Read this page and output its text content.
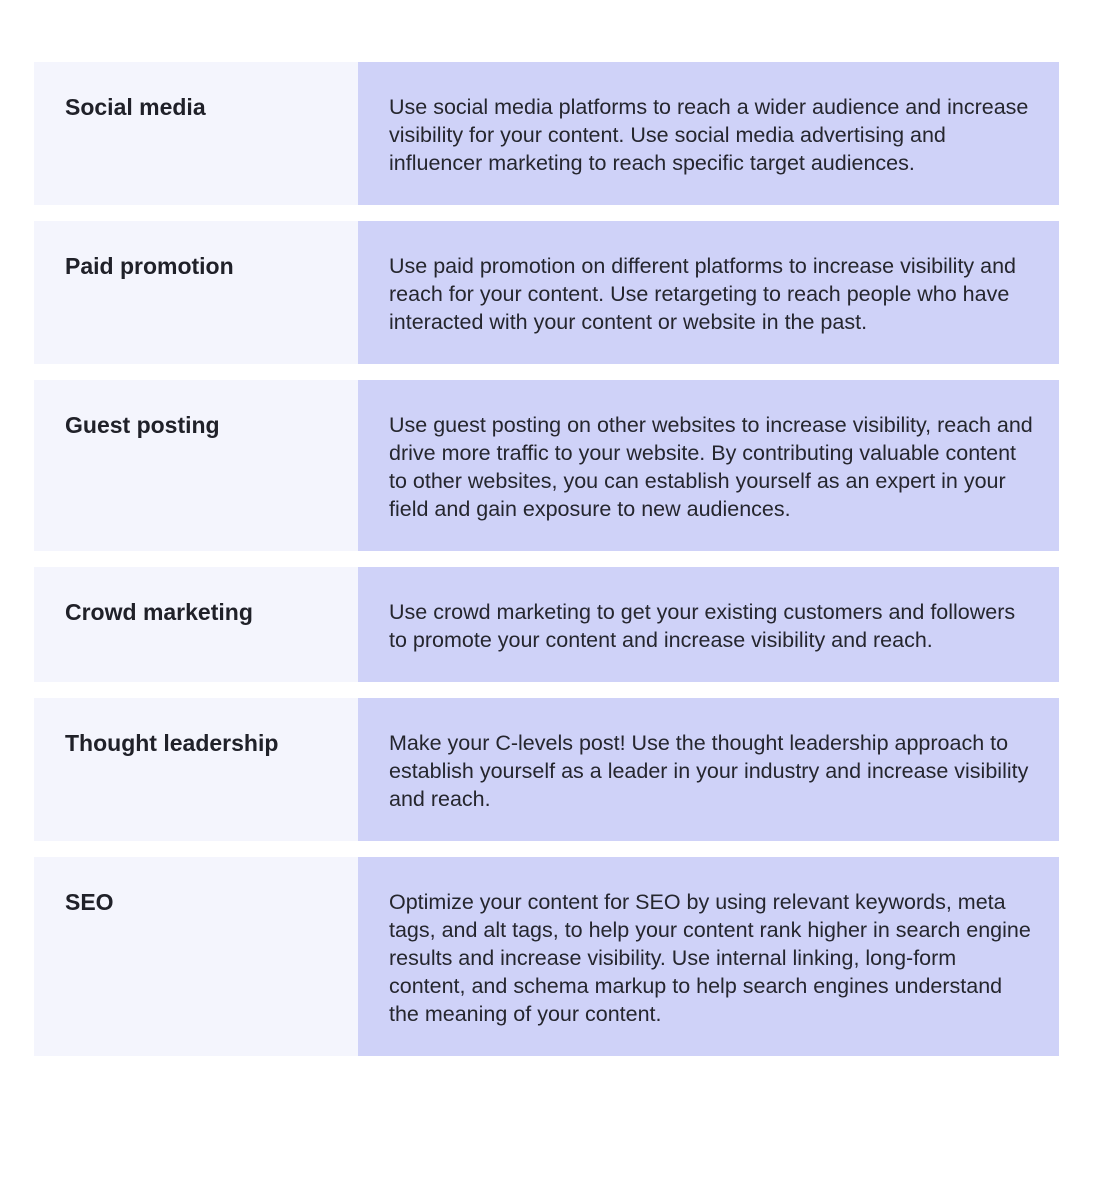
Social media	Use social media platforms to reach a wider audience and increase visibility for your content. Use social media advertising and influencer marketing to reach specific target audiences.
Paid promotion	Use paid promotion on different platforms to increase visibility and reach for your content. Use retargeting to reach people who have interacted with your content or website in the past.
Guest posting	Use guest posting on other websites to increase visibility, reach and drive more traffic to your website. By contributing valuable content to other websites, you can establish yourself as an expert in your field and gain exposure to new audiences.
Crowd marketing	Use crowd marketing to get your existing customers and followers to promote your content and increase visibility and reach.
Thought leadership	Make your C-levels post! Use the thought leadership approach to establish yourself as a leader in your industry and increase visibility and reach.
SEO	Optimize your content for SEO by using relevant keywords, meta tags, and alt tags, to help your content rank higher in search engine results and increase visibility. Use internal linking, long-form content, and schema markup to help search engines understand the meaning of your content.
